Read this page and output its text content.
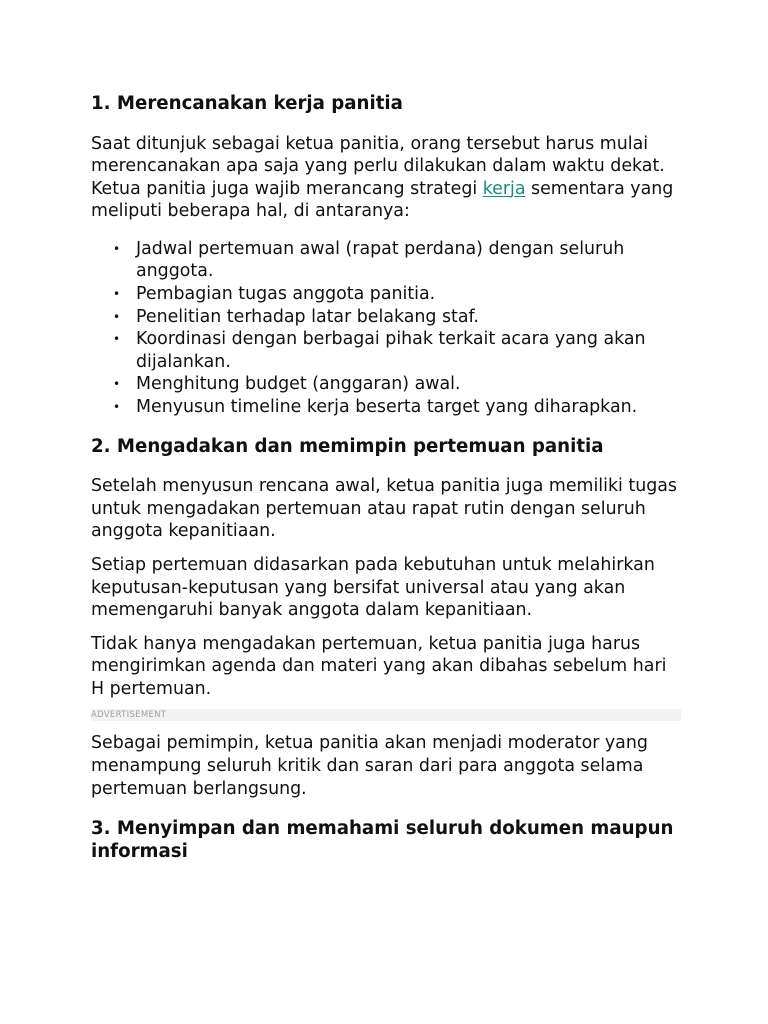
1. Merencanakan kerja panitia

Saat ditunjuk sebagai ketua panitia, orang tersebut harus mulai merencanakan apa saja yang perlu dilakukan dalam waktu dekat. Ketua panitia juga wajib merancang strategi kerja sementara yang meliputi beberapa hal, di antaranya:

• Jadwal pertemuan awal (rapat perdana) dengan seluruh anggota.
• Pembagian tugas anggota panitia.
• Penelitian terhadap latar belakang staf.
• Koordinasi dengan berbagai pihak terkait acara yang akan dijalankan.
• Menghitung budget (anggaran) awal.
• Menyusun timeline kerja beserta target yang diharapkan.
2. Mengadakan dan memimpin pertemuan panitia

Setelah menyusun rencana awal, ketua panitia juga memiliki tugas untuk mengadakan pertemuan atau rapat rutin dengan seluruh anggota kepanitiaan.

Setiap pertemuan didasarkan pada kebutuhan untuk melahirkan keputusan-keputusan yang bersifat universal atau yang akan memengaruhi banyak anggota dalam kepanitiaan.

Tidak hanya mengadakan pertemuan, ketua panitia juga harus mengirimkan agenda dan materi yang akan dibahas sebelum hari H pertemuan.

ADVERTISEMENT

Sebagai pemimpin, ketua panitia akan menjadi moderator yang menampung seluruh kritik dan saran dari para anggota selama pertemuan berlangsung.

3. Menyimpan dan memahami seluruh dokumen maupun informasi
